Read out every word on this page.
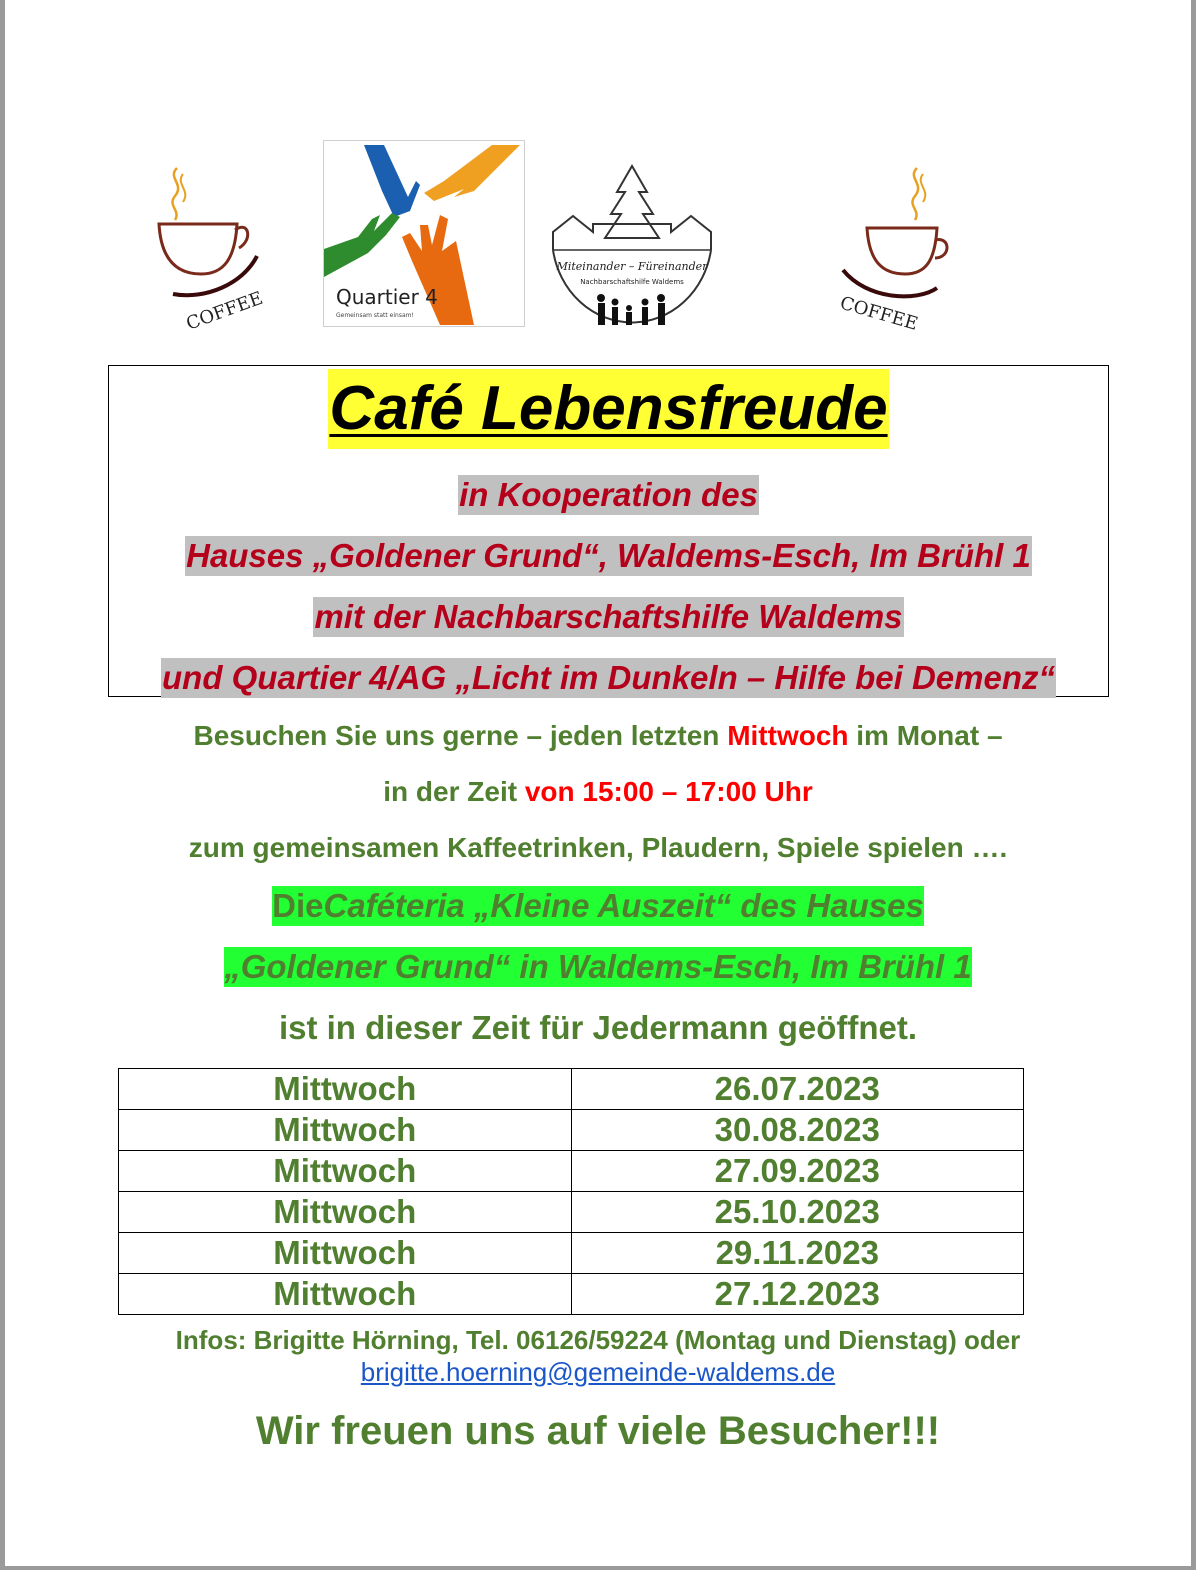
COFFEE	Quartier 4
Gemeinsam statt einsam!
Miteinander – Füreinander
Nachbarschaftshilfe Waldems
COFFEE
Café Lebensfreude
in Kooperation des
Hauses „Goldener Grund“, Waldems-Esch, Im Brühl 1
mit der Nachbarschaftshilfe Waldems
und Quartier 4/AG „Licht im Dunkeln – Hilfe bei Demenz“
Besuchen Sie uns gerne – jeden letzten Mittwoch im Monat –
in der Zeit von 15:00 – 17:00 Uhr
zum gemeinsamen Kaffeetrinken, Plaudern, Spiele spielen ….
DieCaféteria „Kleine Auszeit“ des Hauses
„Goldener Grund“ in Waldems-Esch, Im Brühl 1
ist in dieser Zeit für Jedermann geöffnet.
Mittwoch	26.07.2023
Mittwoch	30.08.2023
Mittwoch	27.09.2023
Mittwoch	25.10.2023
Mittwoch	29.11.2023
Mittwoch	27.12.2023
Infos: Brigitte Hörning, Tel. 06126/59224 (Montag und Dienstag) oder
brigitte.hoerning@gemeinde-waldems.de
Wir freuen uns auf viele Besucher!!!
